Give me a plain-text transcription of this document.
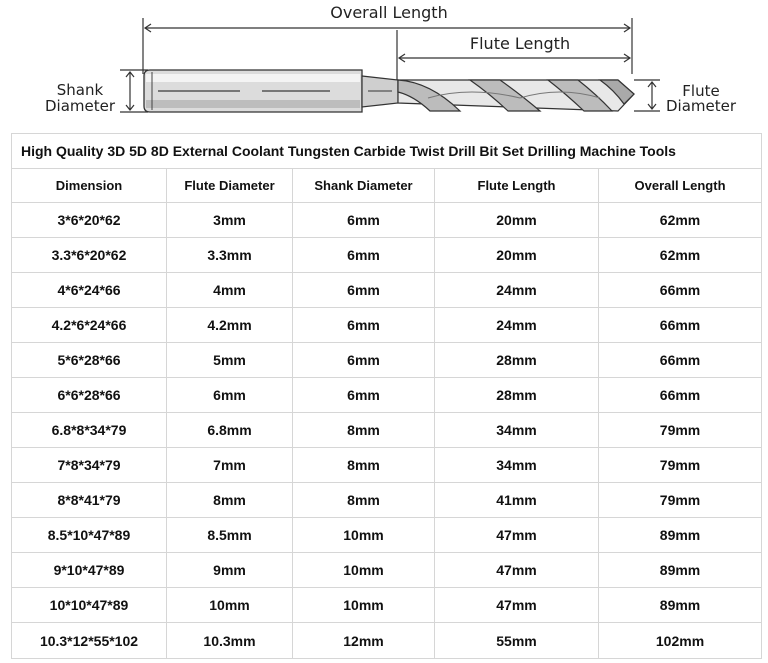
Overall Length
Flute Length
Shank
Diameter
Flute
Diameter
High Quality 3D 5D 8D External Coolant Tungsten Carbide Twist Drill Bit Set Drilling Machine Tools				
Dimension	Flute Diameter	Shank Diameter	Flute Length	Overall Length
3*6*20*62	3mm	6mm	20mm	62mm
3.3*6*20*62	3.3mm	6mm	20mm	62mm
4*6*24*66	4mm	6mm	24mm	66mm
4.2*6*24*66	4.2mm	6mm	24mm	66mm
5*6*28*66	5mm	6mm	28mm	66mm
6*6*28*66	6mm	6mm	28mm	66mm
6.8*8*34*79	6.8mm	8mm	34mm	79mm
7*8*34*79	7mm	8mm	34mm	79mm
8*8*41*79	8mm	8mm	41mm	79mm
8.5*10*47*89	8.5mm	10mm	47mm	89mm
9*10*47*89	9mm	10mm	47mm	89mm
10*10*47*89	10mm	10mm	47mm	89mm
10.3*12*55*102	10.3mm	12mm	55mm	102mm
